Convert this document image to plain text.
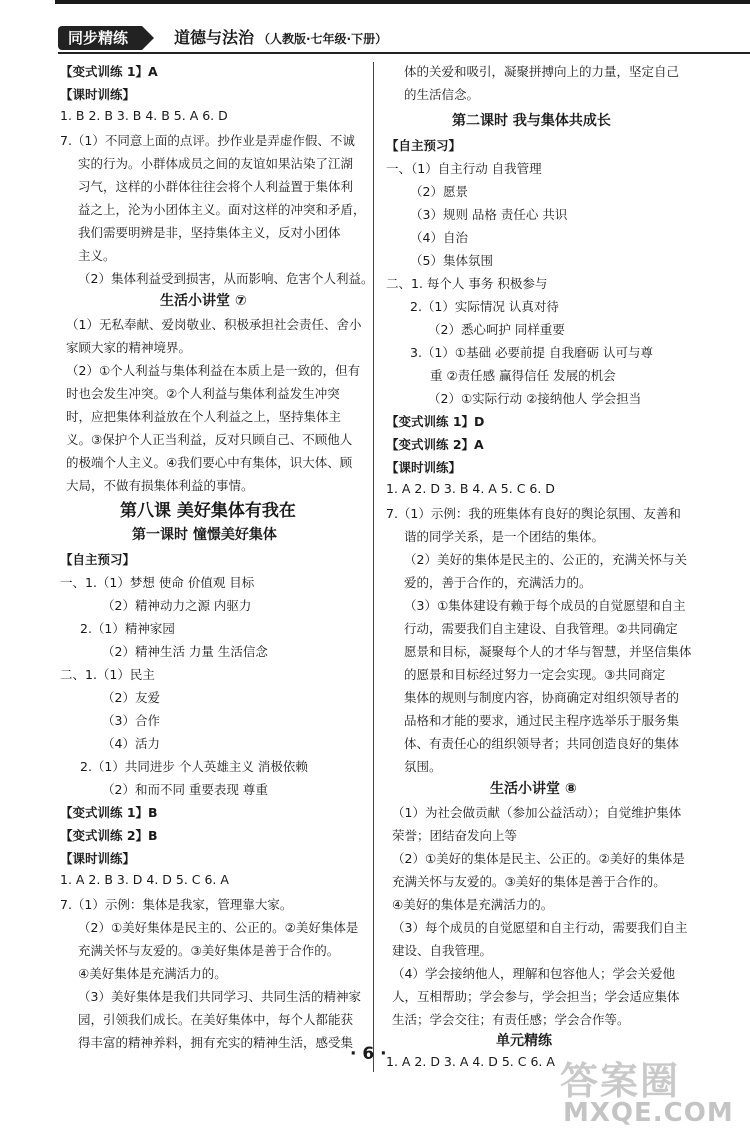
同步精练	道德与法治 （人教版·七年级·下册）
【变式训练 1】A
【课时训练】
1. B 2. B 3. B 4. B 5. A 6. D
7.（1）不同意上面的点评。抄作业是弄虚作假、不诚
实的行为。小群体成员之间的友谊如果沾染了江湖
习气，这样的小群体往往会将个人利益置于集体利
益之上，沦为小团体主义。面对这样的冲突和矛盾，
我们需要明辨是非，坚持集体主义，反对小团体
主义。
（2）集体利益受到损害，从而影响、危害个人利益。
生活小讲堂 ⑦
（1）无私奉献、爱岗敬业、积极承担社会责任、舍小
家顾大家的精神境界。
（2）①个人利益与集体利益在本质上是一致的，但有
时也会发生冲突。②个人利益与集体利益发生冲突
时，应把集体利益放在个人利益之上，坚持集体主
义。③保护个人正当利益，反对只顾自己、不顾他人
的极端个人主义。④我们要心中有集体，识大体、顾
大局，不做有损集体利益的事情。
第八课 美好集体有我在
第一课时 憧憬美好集体
【自主预习】
一、1.（1）梦想 使命 价值观 目标
（2）精神动力之源 内驱力
2.（1）精神家园
（2）精神生活 力量 生活信念
二、1.（1）民主
（2）友爱
（3）合作
（4）活力
2.（1）共同进步 个人英雄主义 消极依赖
（2）和而不同 重要表现 尊重
【变式训练 1】B
【变式训练 2】B
【课时训练】
1. A 2. B 3. D 4. D 5. C 6. A
7.（1）示例：集体是我家，管理靠大家。
（2）①美好集体是民主的、公正的。②美好集体是
充满关怀与友爱的。③美好集体是善于合作的。
④美好集体是充满活力的。
（3）美好集体是我们共同学习、共同生活的精神家
园，引领我们成长。在美好集体中，每个人都能获
得丰富的精神养料，拥有充实的精神生活，感受集
体的关爱和吸引，凝聚拼搏向上的力量，坚定自己
的生活信念。
第二课时 我与集体共成长
【自主预习】
一、（1）自主行动 自我管理
（2）愿景
（3）规则 品格 责任心 共识
（4）自治
（5）集体氛围
二、1. 每个人 事务 积极参与
2.（1）实际情况 认真对待
（2）悉心呵护 同样重要
3.（1）①基础 必要前提 自我磨砺 认可与尊
重 ②责任感 赢得信任 发展的机会
（2）①实际行动 ②接纳他人 学会担当
【变式训练 1】D
【变式训练 2】A
【课时训练】
1. A 2. D 3. B 4. A 5. C 6. D
7.（1）示例：我的班集体有良好的舆论氛围、友善和
谐的同学关系，是一个团结的集体。
（2）美好的集体是民主的、公正的，充满关怀与关
爱的，善于合作的，充满活力的。
（3）①集体建设有赖于每个成员的自觉愿望和自主
行动，需要我们自主建设、自我管理。②共同确定
愿景和目标，凝聚每个人的才华与智慧，并坚信集体
的愿景和目标经过努力一定会实现。③共同商定
集体的规则与制度内容，协商确定对组织领导者的
品格和才能的要求，通过民主程序选举乐于服务集
体、有责任心的组织领导者；共同创造良好的集体
氛围。
生活小讲堂 ⑧
（1）为社会做贡献（参加公益活动）；自觉维护集体
荣誉；团结奋发向上等
（2）①美好的集体是民主、公正的。②美好的集体是
充满关怀与友爱的。③美好的集体是善于合作的。
④美好的集体是充满活力的。
（3）每个成员的自觉愿望和自主行动，需要我们自主
建设、自我管理。
（4）学会接纳他人，理解和包容他人；学会关爱他
人，互相帮助；学会参与，学会担当；学会适应集体
生活；学会交往；有责任感；学会合作等。
单元精练
1. A 2. D 3. A 4. D 5. C 6. A
· 6 ·
答案圈
MXQE.COM
